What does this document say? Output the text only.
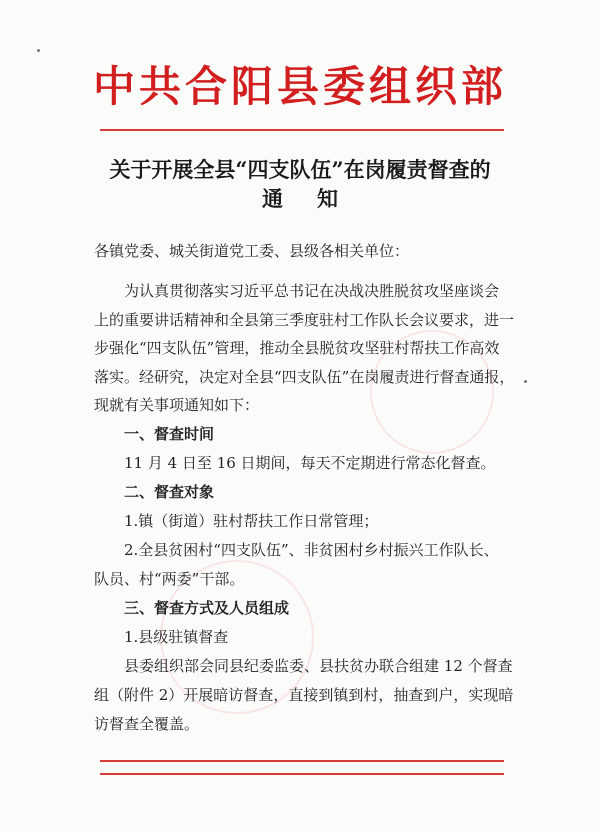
中共合阳县委组织部
关于开展全县“四支队伍”在岗履责督查的
通知
各镇党委、城关街道党工委、县级各相关单位：
为认真贯彻落实习近平总书记在决战决胜脱贫攻坚座谈会
上的重要讲话精神和全县第三季度驻村工作队长会议要求，进一
步强化“四支队伍”管理，推动全县脱贫攻坚驻村帮扶工作高效
落实。经研究，决定对全县“四支队伍”在岗履责进行督查通报，
现就有关事项通知如下：
一、督查时间
11 月 4 日至 16 日期间，每天不定期进行常态化督查。
二、督查对象
1.镇（街道）驻村帮扶工作日常管理；
2.全县贫困村“四支队伍”、非贫困村乡村振兴工作队长、
队员、村“两委”干部。
三、督查方式及人员组成
1.县级驻镇督查
县委组织部会同县纪委监委、县扶贫办联合组建 12 个督查
组（附件 2）开展暗访督查，直接到镇到村，抽查到户，实现暗
访督查全覆盖。
